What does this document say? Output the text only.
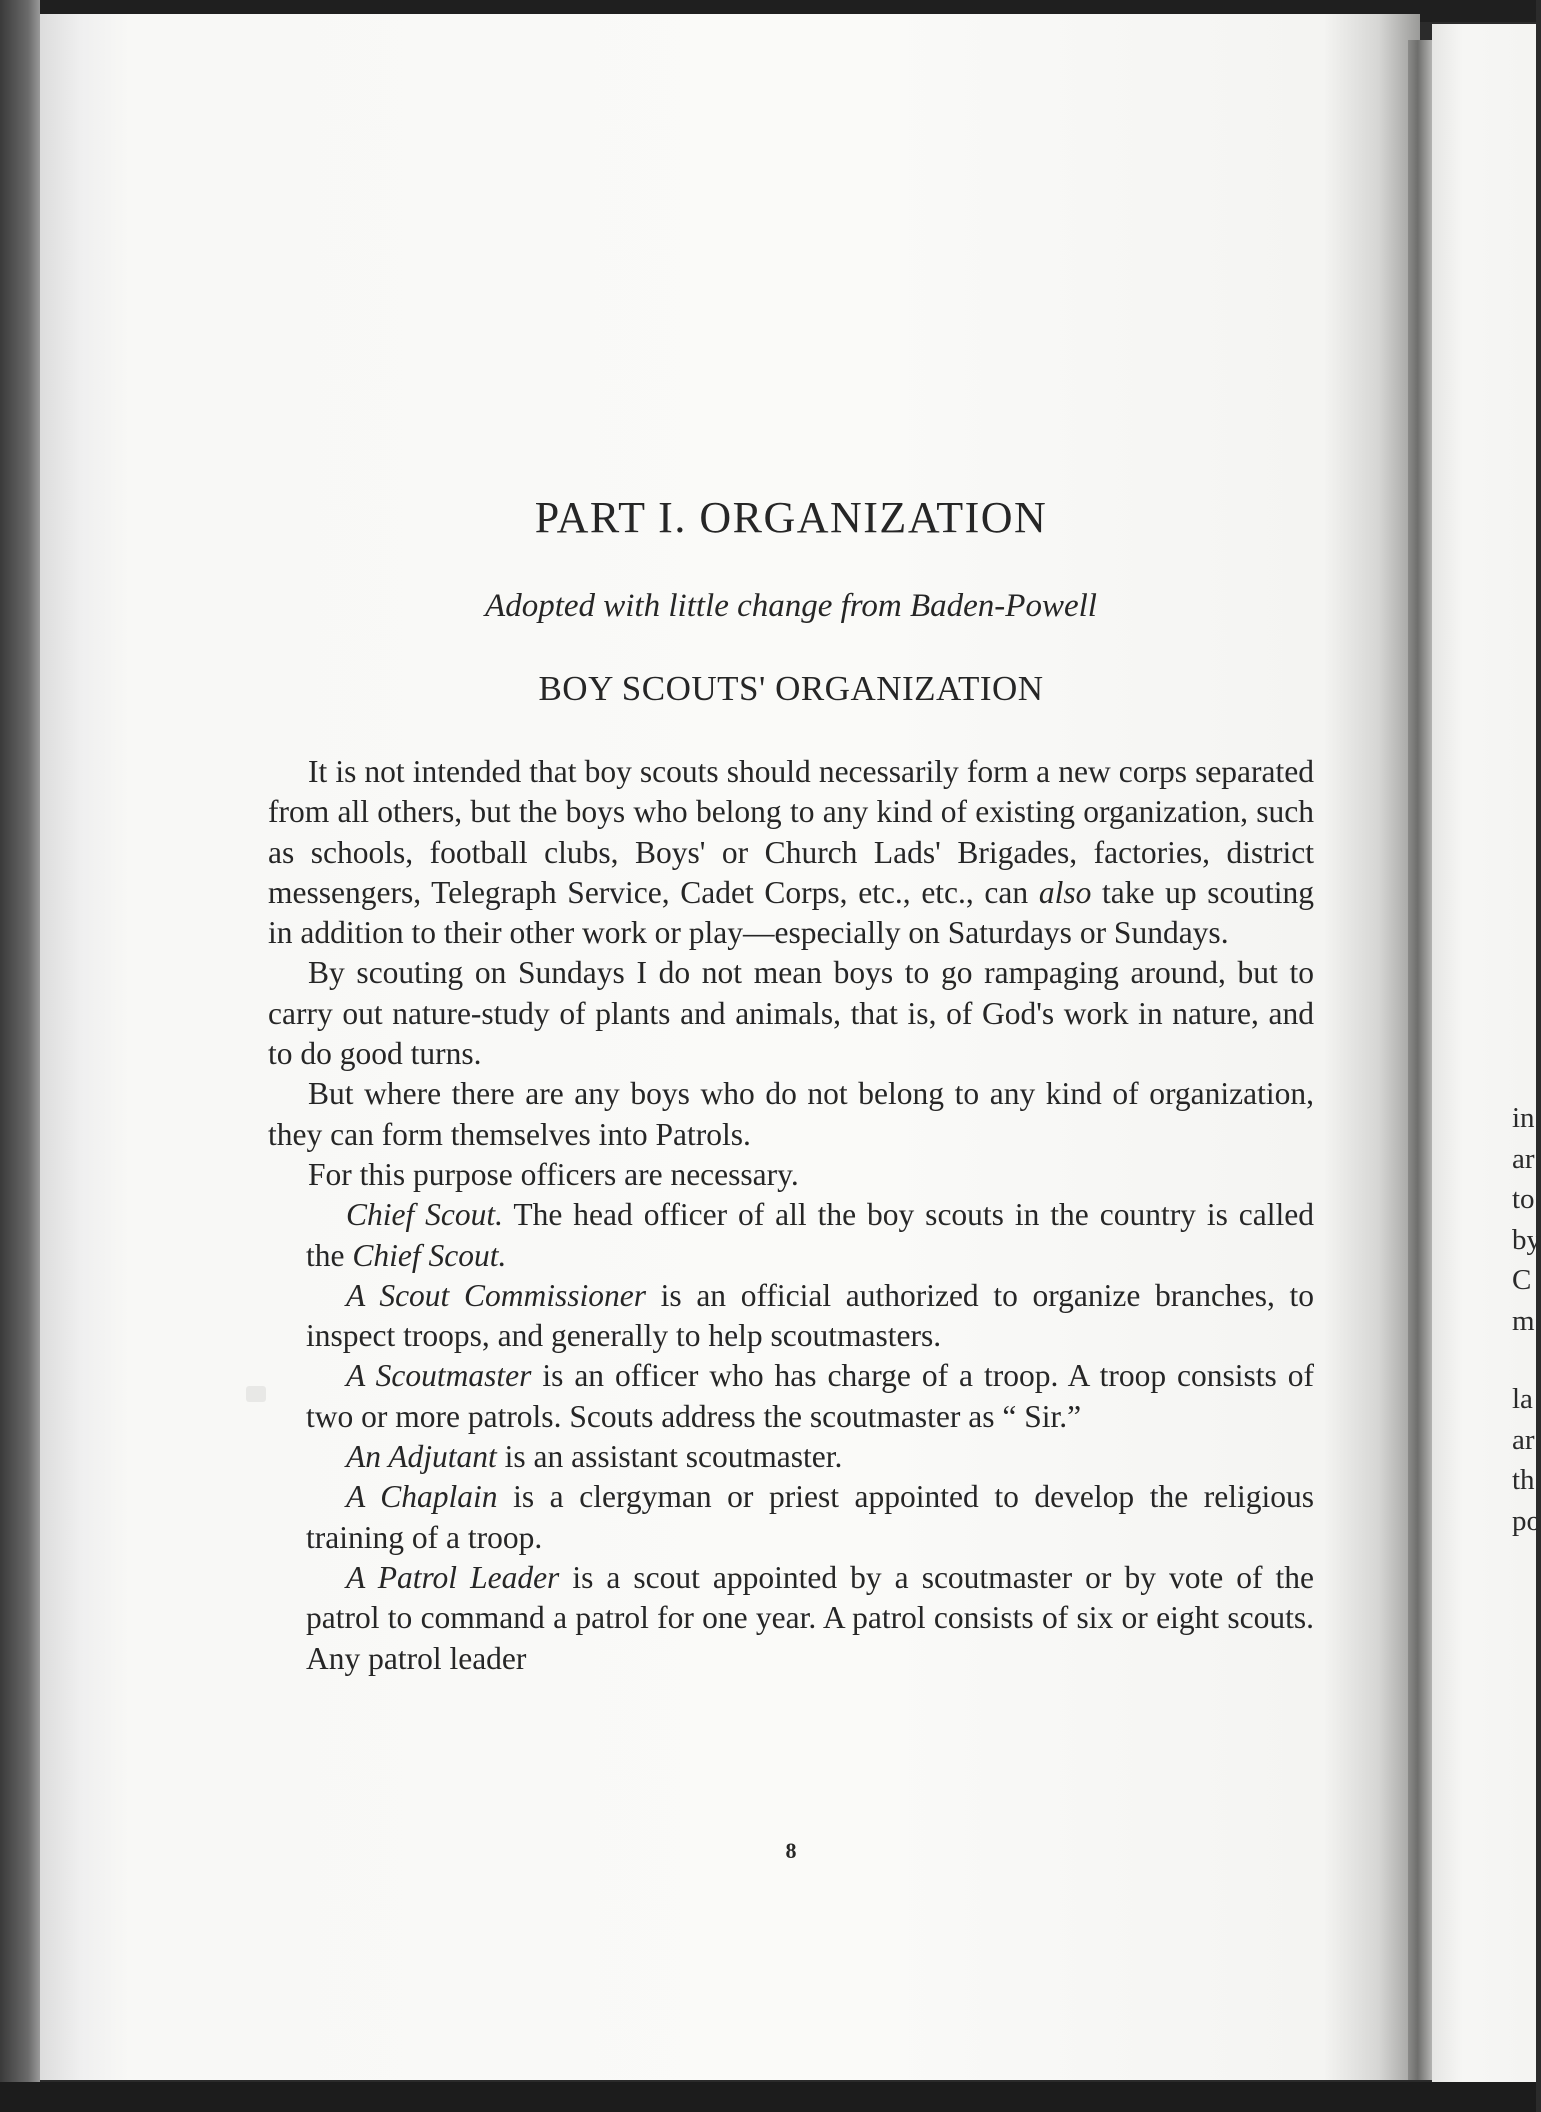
in
ar
to
by
C
m
la
ar
th
po
PART I. ORGANIZATION
Adopted with little change from Baden-Powell
BOY SCOUTS' ORGANIZATION

It is not intended that boy scouts should necessarily form a new corps separated from all others, but the boys who belong to any kind of existing organization, such as schools, football clubs, Boys' or Church Lads' Brigades, factories, district messengers, Telegraph Service, Cadet Corps, etc., etc., can also take up scouting in addition to their other work or play—especially on Saturdays or Sundays.

By scouting on Sundays I do not mean boys to go rampaging around, but to carry out nature-study of plants and animals, that is, of God's work in nature, and to do good turns.

But where there are any boys who do not belong to any kind of organization, they can form themselves into Patrols.

For this purpose officers are necessary.

Chief Scout. The head officer of all the boy scouts in the country is called the Chief Scout.

A Scout Commissioner is an official authorized to organize branches, to inspect troops, and generally to help scoutmasters.

A Scoutmaster is an officer who has charge of a troop. A troop consists of two or more patrols. Scouts address the scoutmaster as “ Sir.”

An Adjutant is an assistant scoutmaster.

A Chaplain is a clergyman or priest appointed to develop the religious training of a troop.

A Patrol Leader is a scout appointed by a scoutmaster or by vote of the patrol to command a patrol for one year. A patrol consists of six or eight scouts. Any patrol leader

8
